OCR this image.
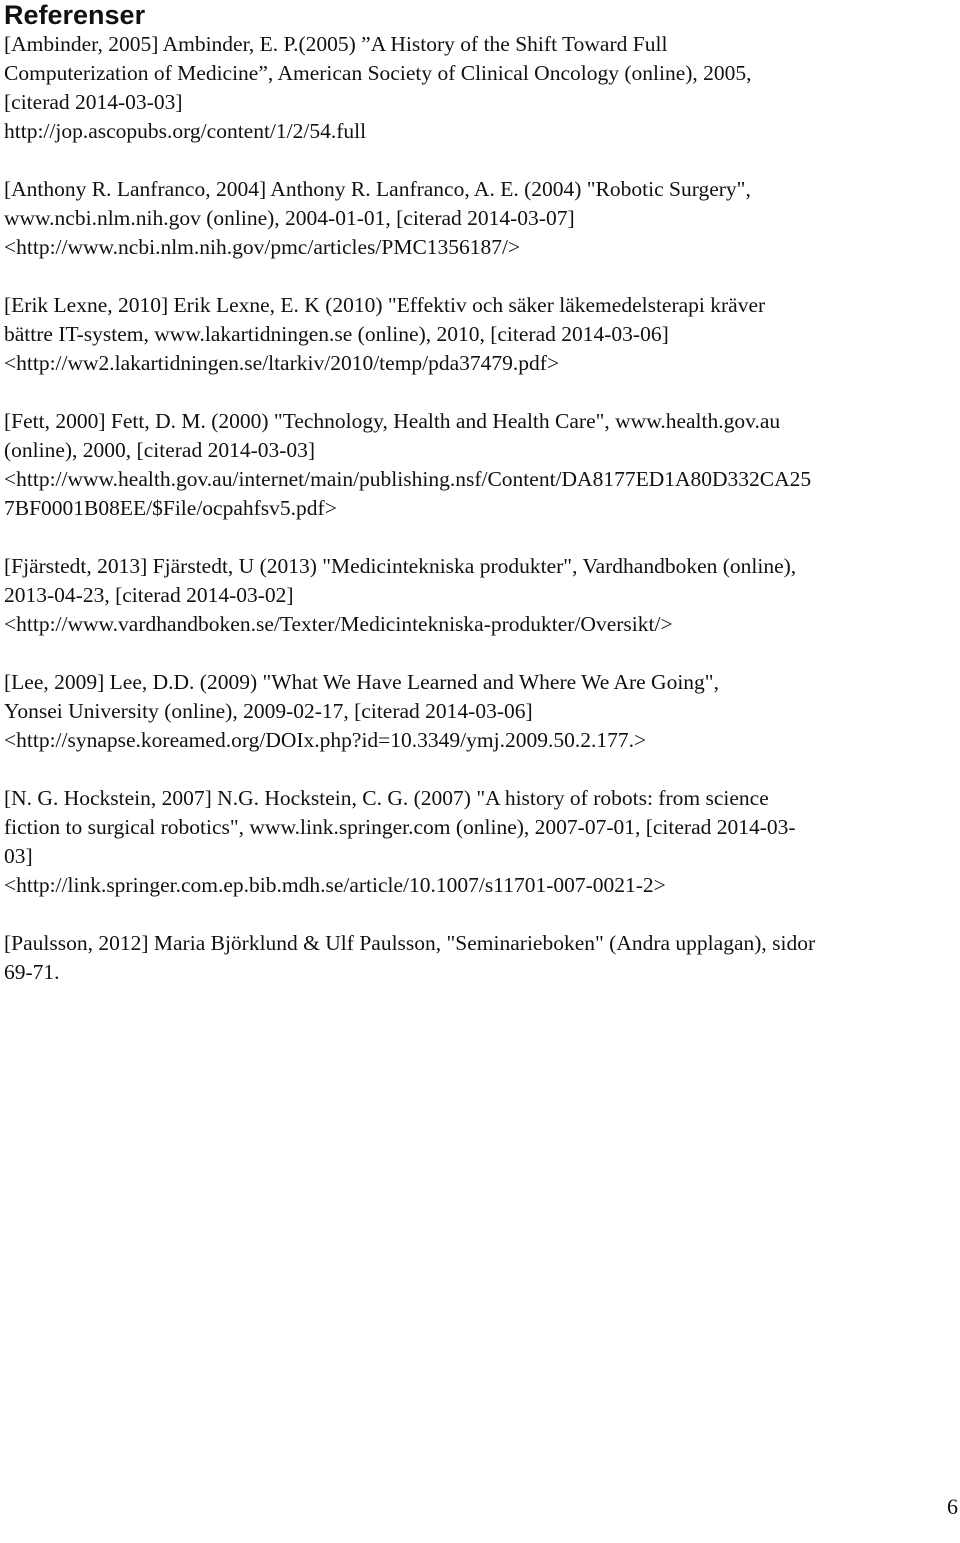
Referenser

[Ambinder, 2005] Ambinder, E. P.(2005) ”A History of the Shift Toward Full
Computerization of Medicine”, American Society of Clinical Oncology (online), 2005,
[citerad 2014-03-03]
http://jop.ascopubs.org/content/1/2/54.full

[Anthony R. Lanfranco, 2004] Anthony R. Lanfranco, A. E. (2004) "Robotic Surgery",
www.ncbi.nlm.nih.gov (online), 2004-01-01, [citerad 2014-03-07]
<http://www.ncbi.nlm.nih.gov/pmc/articles/PMC1356187/>

[Erik Lexne, 2010] Erik Lexne, E. K (2010) "Effektiv och säker läkemedelsterapi kräver
bättre IT-system, www.lakartidningen.se (online), 2010, [citerad 2014-03-06]
<http://ww2.lakartidningen.se/ltarkiv/2010/temp/pda37479.pdf>

[Fett, 2000] Fett, D. M. (2000) "Technology, Health and Health Care", www.health.gov.au
(online), 2000, [citerad 2014-03-03]
<http://www.health.gov.au/internet/main/publishing.nsf/Content/DA8177ED1A80D332CA25
7BF0001B08EE/$File/ocpahfsv5.pdf>

[Fjärstedt, 2013] Fjärstedt, U (2013) "Medicintekniska produkter", Vardhandboken (online),
2013-04-23, [citerad 2014-03-02]
<http://www.vardhandboken.se/Texter/Medicintekniska-produkter/Oversikt/>

[Lee, 2009] Lee, D.D. (2009) "What We Have Learned and Where We Are Going",
Yonsei University (online), 2009-02-17, [citerad 2014-03-06]
<http://synapse.koreamed.org/DOIx.php?id=10.3349/ymj.2009.50.2.177.>

[N. G. Hockstein, 2007] N.G. Hockstein, C. G. (2007) "A history of robots: from science
fiction to surgical robotics", www.link.springer.com (online), 2007-07-01, [citerad 2014-03-
03]
<http://link.springer.com.ep.bib.mdh.se/article/10.1007/s11701-007-0021-2>

[Paulsson, 2012] Maria Björklund & Ulf Paulsson, "Seminarieboken" (Andra upplagan), sidor
69-71.

6
